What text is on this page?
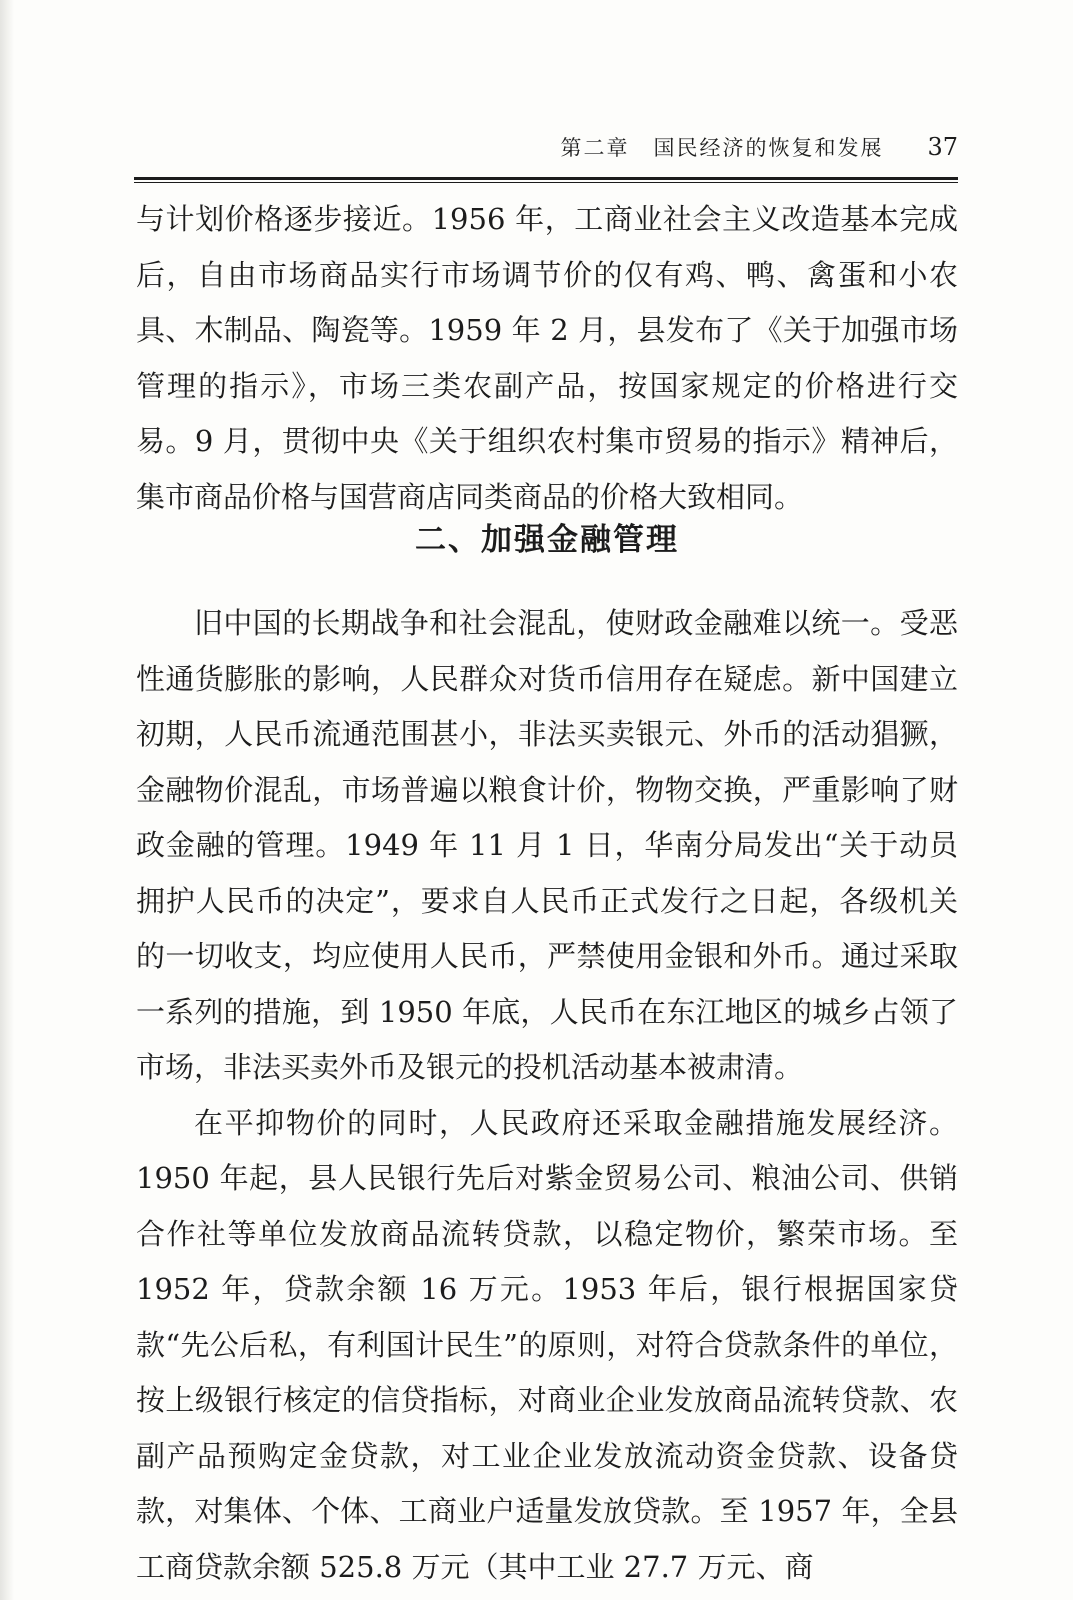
第二章 国民经济的恢复和发展 37

与计划价格逐步接近。1956 年，工商业社会主义改造基本完成后，自由市场商品实行市场调节价的仅有鸡、鸭、禽蛋和小农具、木制品、陶瓷等。1959 年 2 月，县发布了《关于加强市场管理的指示》，市场三类农副产品，按国家规定的价格进行交易。9 月，贯彻中央《关于组织农村集市贸易的指示》精神后，集市商品价格与国营商店同类商品的价格大致相同。

二、加强金融管理

旧中国的长期战争和社会混乱，使财政金融难以统一。受恶性通货膨胀的影响，人民群众对货币信用存在疑虑。新中国建立初期，人民币流通范围甚小，非法买卖银元、外币的活动猖獗，金融物价混乱，市场普遍以粮食计价，物物交换，严重影响了财政金融的管理。1949 年 11 月 1 日，华南分局发出“关于动员拥护人民币的决定”，要求自人民币正式发行之日起，各级机关的一切收支，均应使用人民币，严禁使用金银和外币。通过采取一系列的措施，到 1950 年底，人民币在东江地区的城乡占领了市场，非法买卖外币及银元的投机活动基本被肃清。

在平抑物价的同时，人民政府还采取金融措施发展经济。1950 年起，县人民银行先后对紫金贸易公司、粮油公司、供销合作社等单位发放商品流转贷款，以稳定物价，繁荣市场。至 1952 年，贷款余额 16 万元。1953 年后，银行根据国家贷款“先公后私，有利国计民生”的原则，对符合贷款条件的单位，按上级银行核定的信贷指标，对商业企业发放商品流转贷款、农副产品预购定金贷款，对工业企业发放流动资金贷款、设备贷款，对集体、个体、工商业户适量发放贷款。至 1957 年，全县工商贷款余额 525.8 万元（其中工业 27.7 万元、商
